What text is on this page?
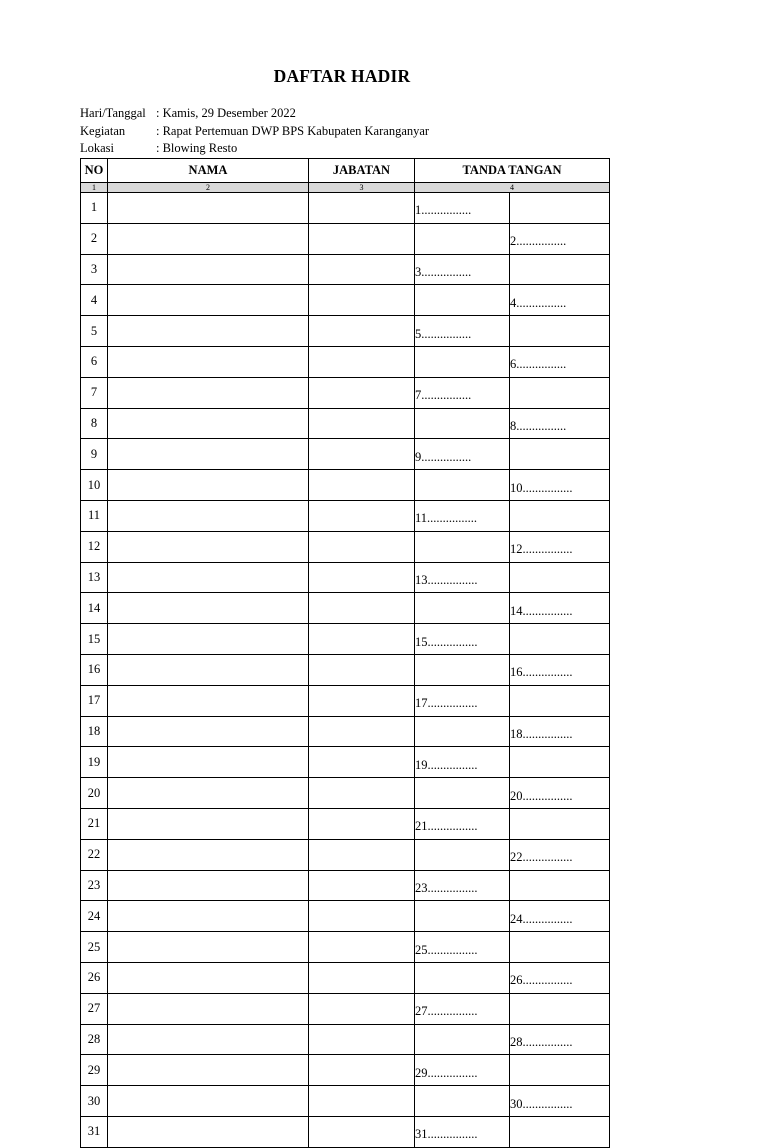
DAFTAR HADIR
Hari/Tanggal : Kamis, 29 Desember 2022
Kegiatan : Rapat Pertemuan DWP BPS Kabupaten Karanganyar
Lokasi	: Blowing Resto
NO	NAMA	JABATAN	TANDA TANGAN	
1	2	3	4	
1			1................	
2				2................
3			3................	
4				4................
5			5................	
6				6................
7			7................	
8				8................
9			9................	
10				10................
11			11................	
12				12................
13			13................	
14				14................
15			15................	
16				16................
17			17................	
18				18................
19			19................	
20				20................
21			21................	
22				22................
23			23................	
24				24................
25			25................	
26				26................
27			27................	
28				28................
29			29................	
30				30................
31			31................	
